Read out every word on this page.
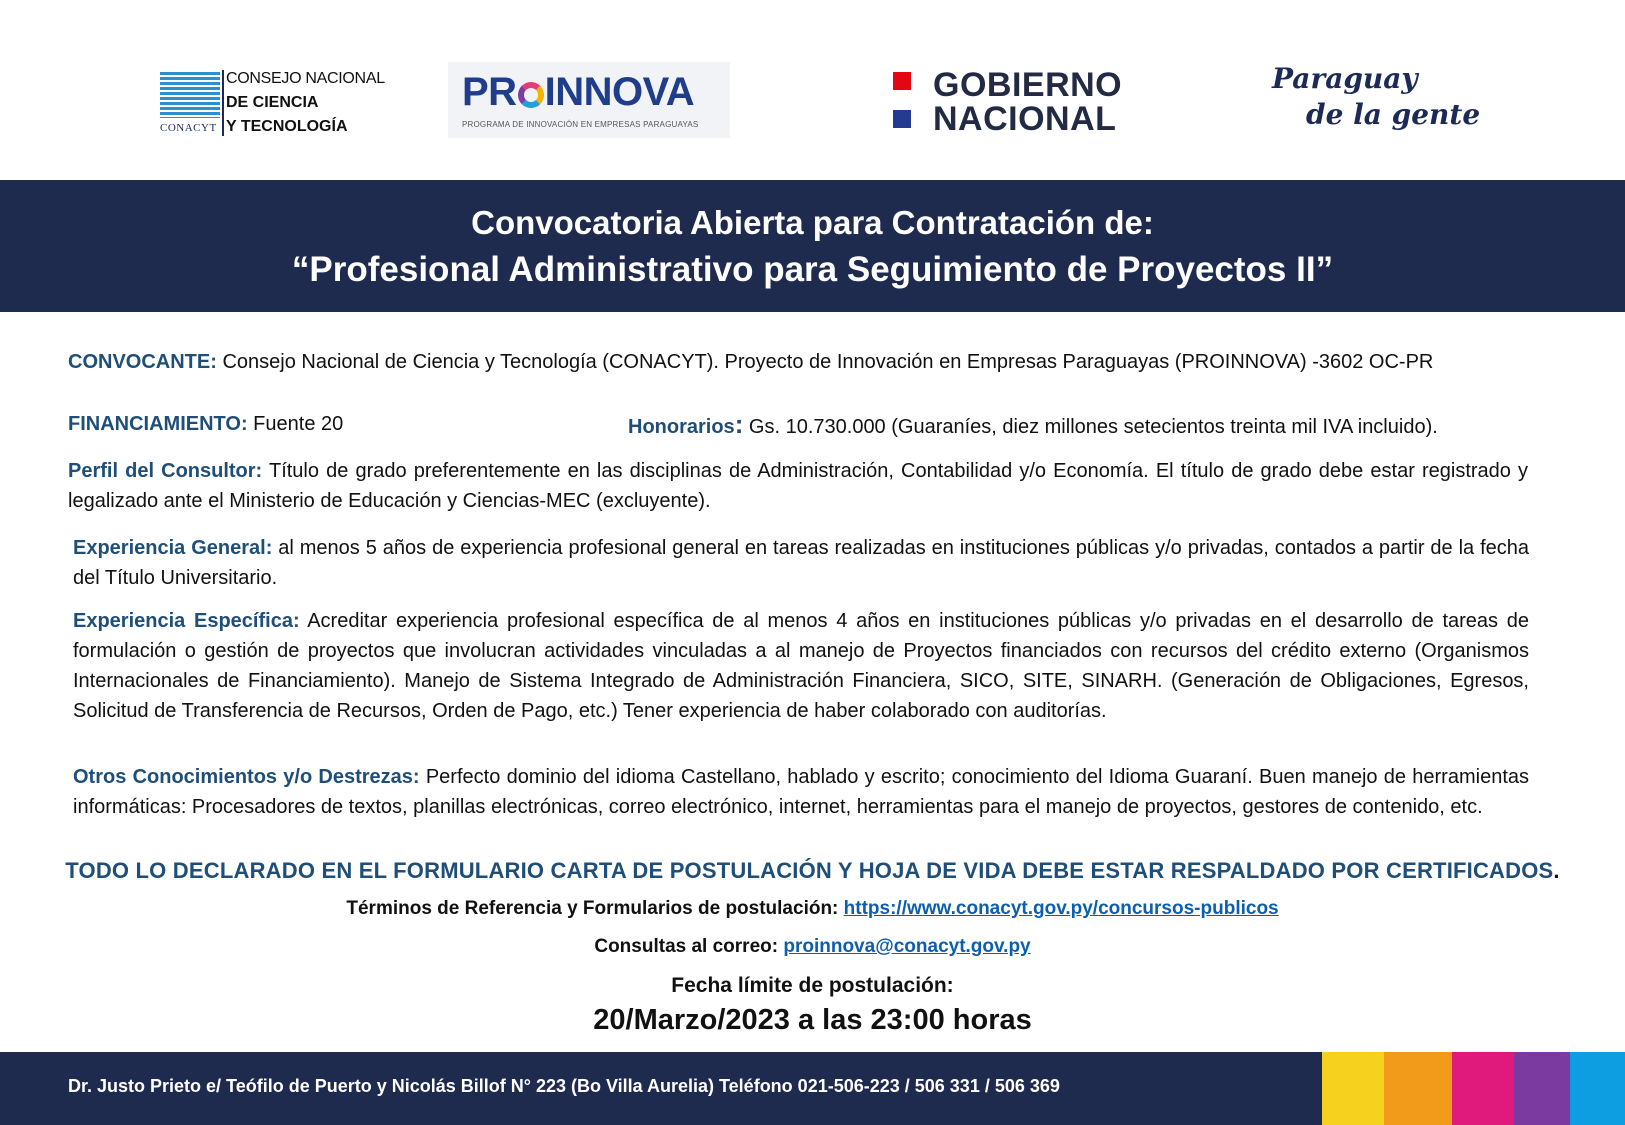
CONACYT
CONSEJO NACIONAL
DE CIENCIA
Y TECNOLOGÍA
PR INNOVA
PROGRAMA DE INNOVACIÓN EN EMPRESAS PARAGUAYAS
GOBIERNO
NACIONAL
Paraguay
de la gente
Convocatoria Abierta para Contratación de:
“Profesional Administrativo para Seguimiento de Proyectos II”
CONVOCANTE: Consejo Nacional de Ciencia y Tecnología (CONACYT). Proyecto de Innovación en Empresas Paraguayas (PROINNOVA) -3602 OC-PR
FINANCIAMIENTO: Fuente 20	Honorarios: Gs. 10.730.000 (Guaraníes, diez millones setecientos treinta mil IVA incluido).
Perfil del Consultor: Título de grado preferentemente en las disciplinas de Administración, Contabilidad y/o Economía. El título de grado debe estar registrado y legalizado ante el Ministerio de Educación y Ciencias-MEC (excluyente).
Experiencia General: al menos 5 años de experiencia profesional general en tareas realizadas en instituciones públicas y/o privadas, contados a partir de la fecha del Título Universitario.
Experiencia Específica: Acreditar experiencia profesional específica de al menos 4 años en instituciones públicas y/o privadas en el desarrollo de tareas de formulación o gestión de proyectos que involucran actividades vinculadas a al manejo de Proyectos financiados con recursos del crédito externo (Organismos Internacionales de Financiamiento). Manejo de Sistema Integrado de Administración Financiera, SICO, SITE, SINARH. (Generación de Obligaciones, Egresos, Solicitud de Transferencia de Recursos, Orden de Pago, etc.) Tener experiencia de haber colaborado con auditorías.
Otros Conocimientos y/o Destrezas: Perfecto dominio del idioma Castellano, hablado y escrito; conocimiento del Idioma Guaraní. Buen manejo de herramientas informáticas: Procesadores de textos, planillas electrónicas, correo electrónico, internet, herramientas para el manejo de proyectos, gestores de contenido, etc.
TODO LO DECLARADO EN EL FORMULARIO CARTA DE POSTULACIÓN Y HOJA DE VIDA DEBE ESTAR RESPALDADO POR CERTIFICADOS.
Términos de Referencia y Formularios de postulación: https://www.conacyt.gov.py/concursos-publicos
Consultas al correo: proinnova@conacyt.gov.py
Fecha límite de postulación:
20/Marzo/2023 a las 23:00 horas
Dr. Justo Prieto e/ Teófilo de Puerto y Nicolás Billof N° 223 (Bo Villa Aurelia) Teléfono 021-506-223 / 506 331 / 506 369
